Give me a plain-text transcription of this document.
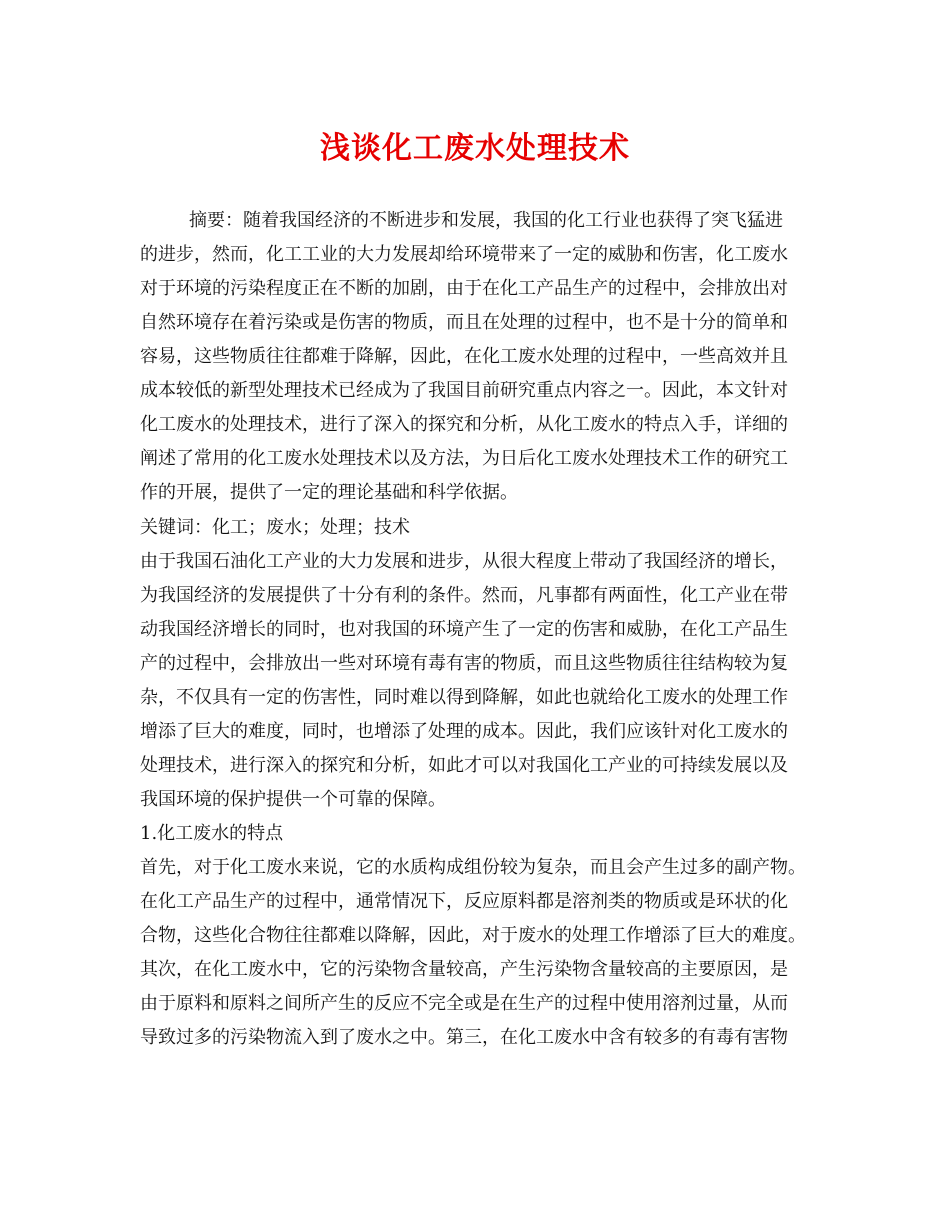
浅谈化工废水处理技术

摘要：随着我国经济的不断进步和发展，我国的化工行业也获得了突飞猛进

的进步，然而，化工工业的大力发展却给环境带来了一定的威胁和伤害，化工废水

对于环境的污染程度正在不断的加剧，由于在化工产品生产的过程中，会排放出对

自然环境存在着污染或是伤害的物质，而且在处理的过程中，也不是十分的简单和

容易，这些物质往往都难于降解，因此，在化工废水处理的过程中，一些高效并且

成本较低的新型处理技术已经成为了我国目前研究重点内容之一。因此，本文针对

化工废水的处理技术，进行了深入的探究和分析，从化工废水的特点入手，详细的

阐述了常用的化工废水处理技术以及方法，为日后化工废水处理技术工作的研究工

作的开展，提供了一定的理论基础和科学依据。

关键词：化工；废水；处理；技术

由于我国石油化工产业的大力发展和进步，从很大程度上带动了我国经济的增长，

为我国经济的发展提供了十分有利的条件。然而，凡事都有两面性，化工产业在带

动我国经济增长的同时，也对我国的环境产生了一定的伤害和威胁，在化工产品生

产的过程中，会排放出一些对环境有毒有害的物质，而且这些物质往往结构较为复

杂，不仅具有一定的伤害性，同时难以得到降解，如此也就给化工废水的处理工作

增添了巨大的难度，同时，也增添了处理的成本。因此，我们应该针对化工废水的

处理技术，进行深入的探究和分析，如此才可以对我国化工产业的可持续发展以及

我国环境的保护提供一个可靠的保障。

1.化工废水的特点

首先，对于化工废水来说，它的水质构成组份较为复杂，而且会产生过多的副产物。

在化工产品生产的过程中，通常情况下，反应原料都是溶剂类的物质或是环状的化

合物，这些化合物往往都难以降解，因此，对于废水的处理工作增添了巨大的难度。

其次，在化工废水中，它的污染物含量较高，产生污染物含量较高的主要原因，是

由于原料和原料之间所产生的反应不完全或是在生产的过程中使用溶剂过量，从而

导致过多的污染物流入到了废水之中。第三，在化工废水中含有较多的有毒有害物
